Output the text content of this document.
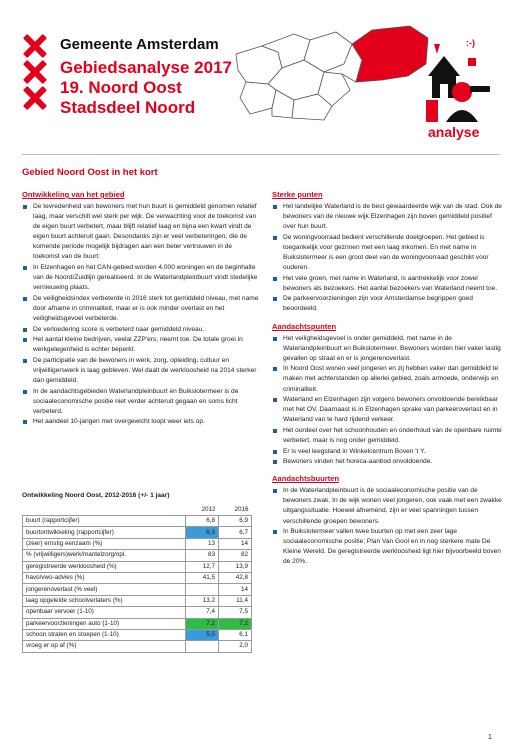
Gemeente Amsterdam
Gebiedsanalyse 2017
19. Noord Oost
Stadsdeel Noord
:-)
analyse
Gebied Noord Oost in het kort
Ontwikkeling van het gebied
De tevredenheid van bewoners met hun buurt is gemiddeld genomen relatief laag, maar verschilt wel sterk per wijk. De verwachting voor de toekomst van de eigen buurt verbetert, maar blijft relatief laag en bijna een kwart vindt de eigen buurt achteruit gaan. Desondanks zijn er veel verbeteringen, die de komende periode mogelijk bijdragen aan een beter vertrouwen in de toekomst van de buurt:
In Elzenhagen en het CAN-gebied worden 4.000 woningen en de beginhalte van de Noord/Zuidlijn gerealiseerd. In de Waterlandpleinbuurt vindt stedelijke vernieuwing plaats.
De veiligheidsindex verbeterde in 2016 sterk tot gemiddeld niveau, met name door afname in criminaliteit, maar er is ook minder overlast en het veiligheidsgevoel verbeterde.
De verloedering score is verbeterd naar gemiddeld niveau.
Het aantal kleine bedrijven, veelal ZZP'ers, neemt toe. De totale groei in werkgelegenheid is echter beperkt.
De participatie van de bewoners in werk, zorg, opleiding, cultuur en vrijwilligerswerk is laag gebleven. Wel daalt de werkloosheid na 2014 sterker dan gemiddeld.
In de aandachtsgebieden Waterlandpleinbuurt en Buikslotermeer is de sociaaleconomische positie niet verder achteruit gegaan en soms licht verbeterd.
Het aandeel 10-jarigen met overgewicht loopt weer iets op.
Ontwikkeling Noord Oost, 2012-2016 (+/- 1 jaar)
	2012	2016
buurt (rapportcijfer)	6,8	6,9
buurtontwikkeling (rapportcijfer)	6,3	6,7
(zeer) ernstig eenzaam (%)	13	14
% (vrijwilligers)werk/mantelzorg/opl.	83	82
geregistreerde werkloosheid (%)	12,7	13,9
havo/vwo-advies (%)	41,5	42,8
jongerenoverlast (% veel)		14
laag opgeleide schoolverlaters (%)	13,2	11,4
openbaar vervoer (1-10)	7,4	7,5
parkeervoorzieningen auto (1-10)	7,2	7,2
schoon straten en stoepen (1-10)	5,5	6,1
vroeg er op af (%)		2,0
Sterke punten
Het landelijke Waterland is de best gewaardeerde wijk van de stad. Ook de bewoners van de nieuwe wijk Elzenhagen zijn boven gemiddeld positief over hun buurt.
De woningvoorraad bedient verschillende doelgroepen. Het gebied is toegankelijk voor geznnen met een laag inkomen. En met name in Buikslotermeer is een groot deel van de woningvoorraad geschikt voor ouderen.
Het vele groen, met name in Waterland, is aantrekkelijk voor zowel bewoners als bezoekers. Het aantal bezoekers van Waterland neemt toe.
De parkeervoorzieningen zijn voor Amsterdamse begrippen goed beoordeeld.
Aandachtspunten
Het veiligheidsgevoel is onder gemiddeld, met name in de Waterlandpleinbuurt en Buikslotermeer. Bewoners worden hier vaker lastig gevallen op straat en er is jongerenoverlast.
In Noord Oost wonen veel jongeren en zij hebben vaker dan gemiddeld te maken met achterstanden op allerlei gebied, zoals armoede, onderwijs en criminaliteit.
Waterland en Elzenhagen zijn volgens bewoners onvoldoende bereikbaar met het OV. Daarnaast is in Elzenhagen sprake van parkeeroverlast en in Waterland van te hard rijdend verkeer.
Het oordeel over het schoonhouden en onderhoud van de openbare ruimte verbetert, maar is nog onder gemiddeld.
Er is veel leegstand in Winkelcentrum Boven 't Y.
Bewoners vinden het horeca-aanbod onvoldoende.
Aandachtsbuurten
In de Waterlandpleinbuurt is de sociaaleconomische positie van de bewoners zwak. In de wijk wonen veel jongeren, ook vaak met een zwakke uitgangssituatie. Hoewel afnemend, zijn er veel spanningen tussen verschillende groepen bewoners.
In Buikslotermeer vallen twee buurten op met een zeer lage sociaaleconomische positie; Plan Van Gool en in nog sterkere mate De Kleine Wereld. De geregistreerde werkloosheid ligt hier bijvoorbeeld boven de 20%.
1
